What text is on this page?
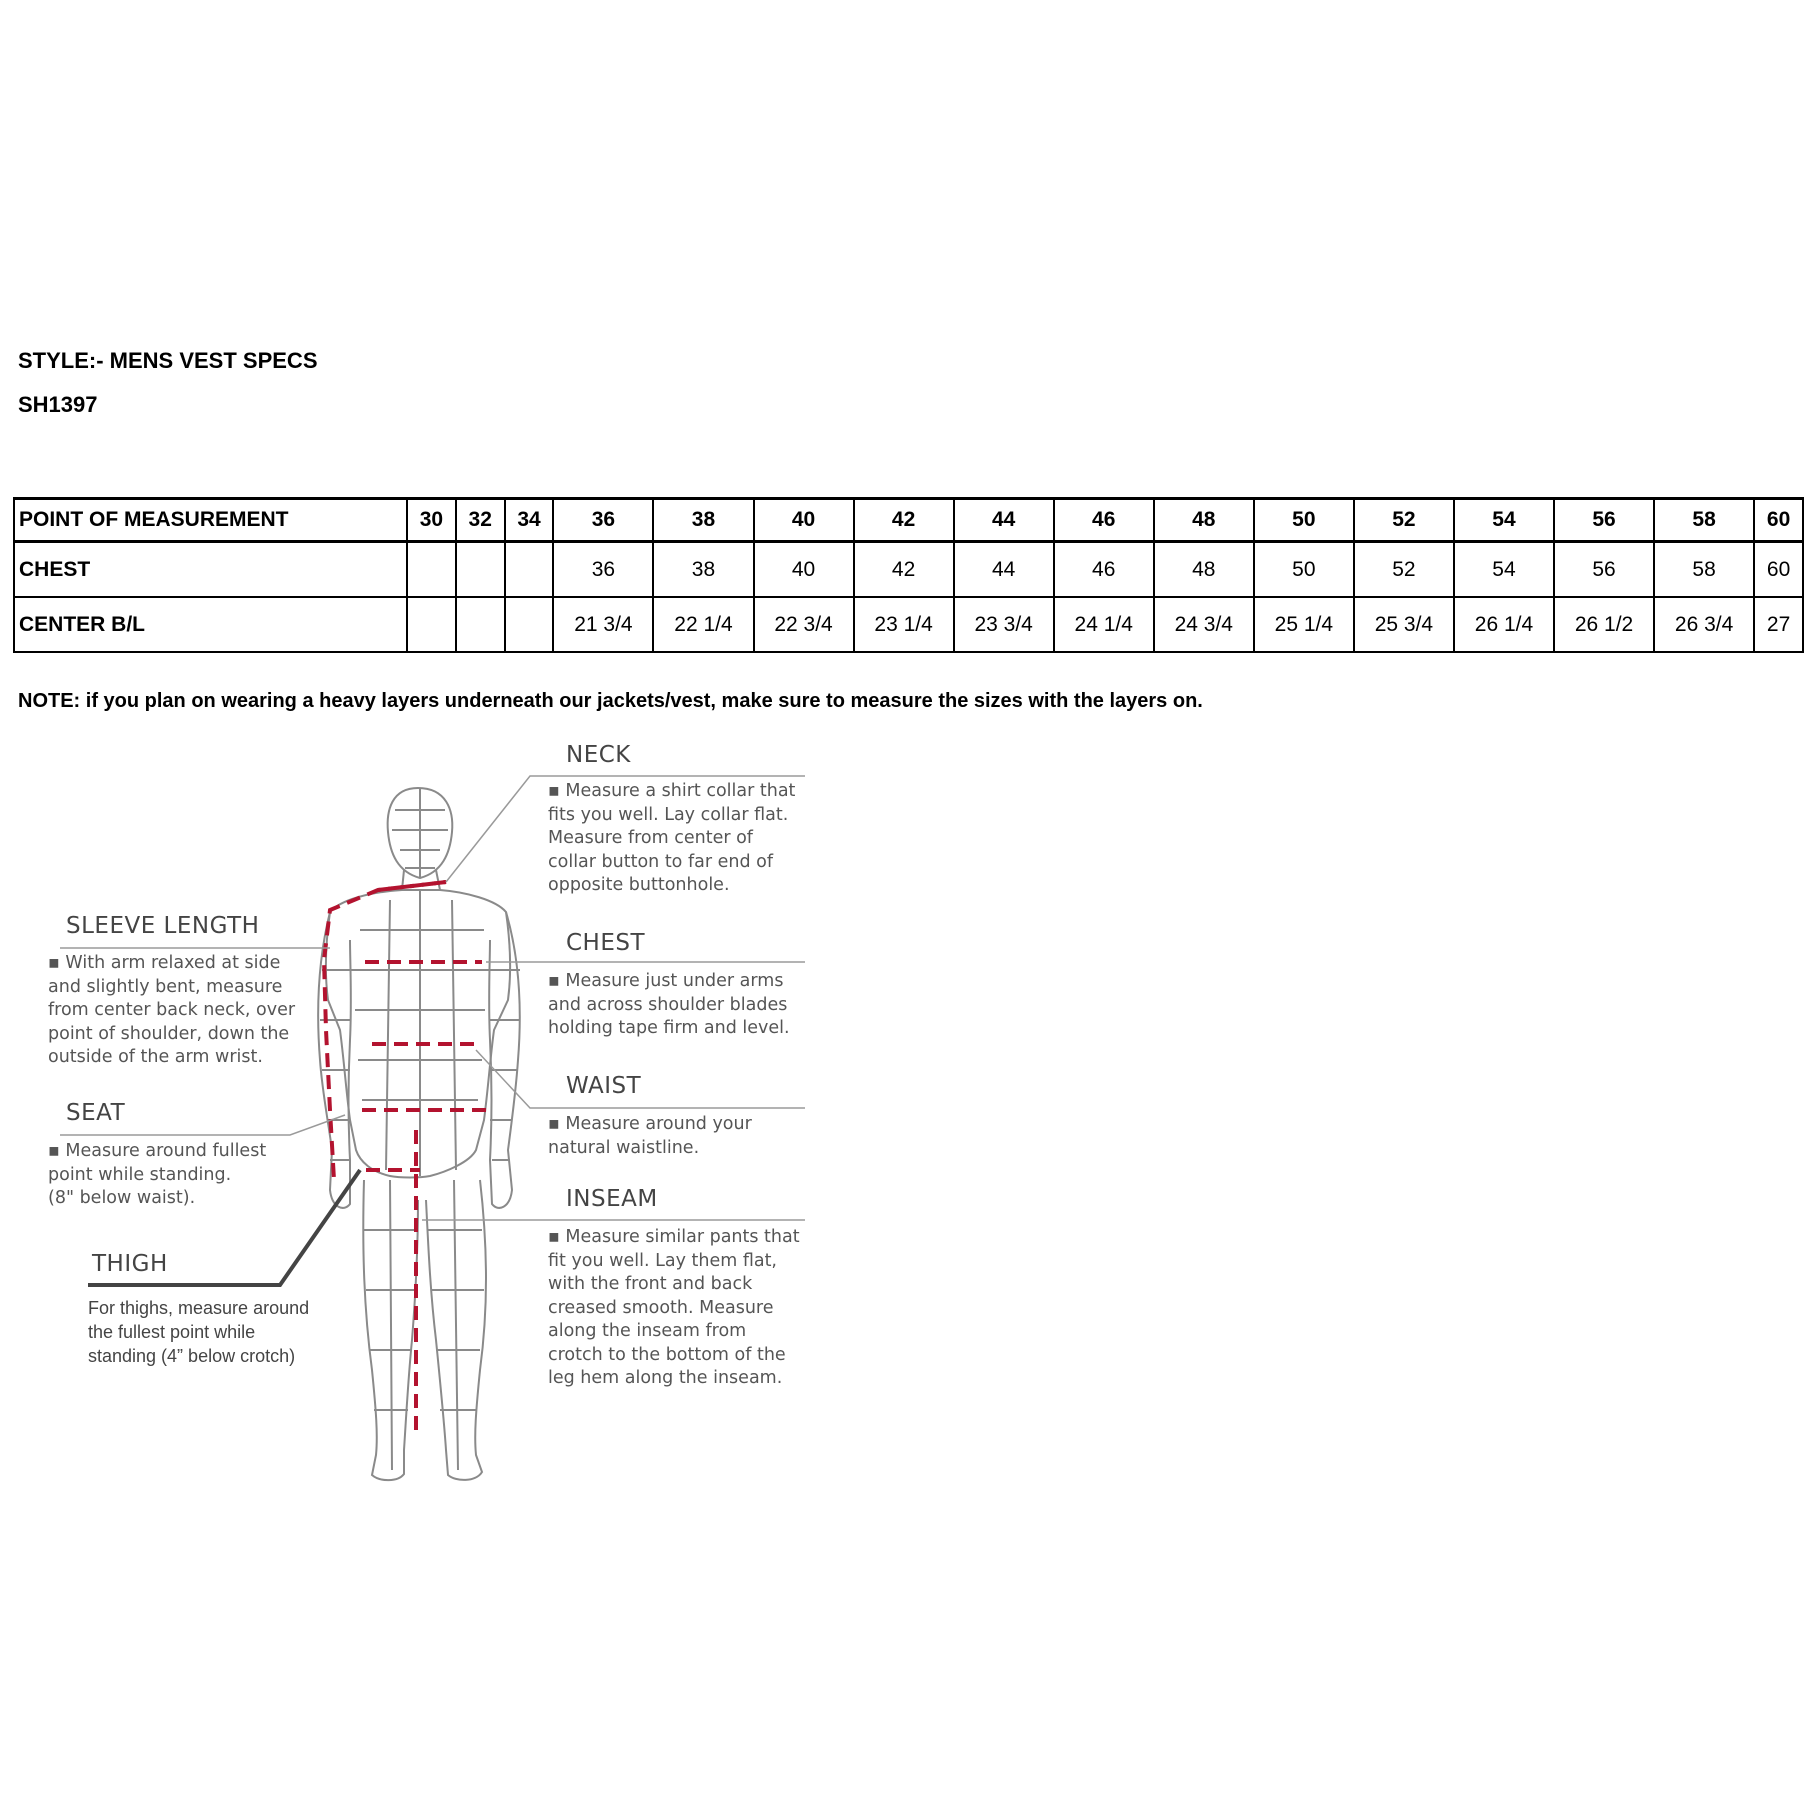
STYLE:- MENS VEST SPECS
SH1397
POINT OF MEASUREMENT	30	32	34	36	38	40	42	44	46	48	50	52	54	56	58	60
CHEST				36	38	40	42	44	46	48	50	52	54	56	58	60
CENTER B/L				21 3/4	22 1/4	22 3/4	23 1/4	23 3/4	24 1/4	24 3/4	25 1/4	25 3/4	26 1/4	26 1/2	26 3/4	27
NOTE: if you plan on wearing a heavy layers underneath our jackets/vest, make sure to measure the sizes with the layers on.
NECK
▪ Measure a shirt collar that
fits you well. Lay collar flat.
Measure from center of
collar button to far end of
opposite buttonhole.
CHEST
▪ Measure just under arms
and across shoulder blades
holding tape firm and level.
WAIST
▪ Measure around your
natural waistline.
INSEAM
▪ Measure similar pants that
fit you well. Lay them flat,
with the front and back
creased smooth. Measure
along the inseam from
crotch to the bottom of the
leg hem along the inseam.
SLEEVE LENGTH
▪ With arm relaxed at side
and slightly bent, measure
from center back neck, over
point of shoulder, down the
outside of the arm wrist.
SEAT
▪ Measure around fullest
point while standing.
(8" below waist).
THIGH
For thighs, measure around
the fullest point while
standing (4” below crotch)
